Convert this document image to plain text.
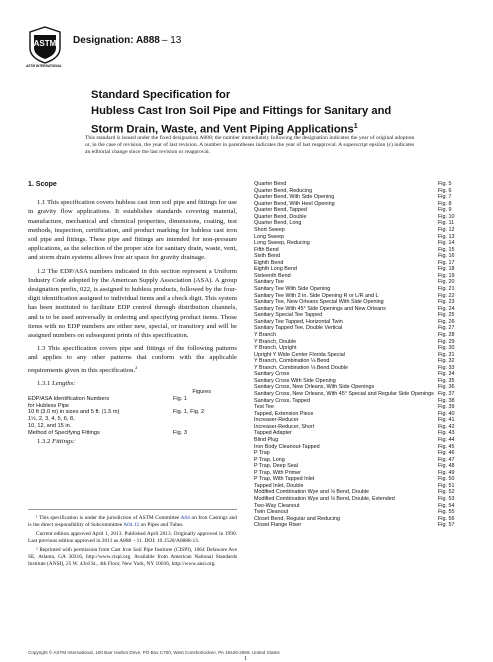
ASTM
ASTM INTERNATIONAL
Designation: A888 – 13
Standard Specification for
Hubless Cast Iron Soil Pipe and Fittings for Sanitary and
Storm Drain, Waste, and Vent Piping Applications$^1$
This standard is issued under the fixed designation A888; the number immediately following the designation indicates the year of original adoption or, in the case of revision, the year of last revision. A number in parentheses indicates the year of last reapproval. A superscript epsilon (ε) indicates an editorial change since the last revision or reapproval.
1. Scope

1.1 This specification covers hubless cast iron soil pipe and fittings for use in gravity flow applications. It establishes standards covering material, manufacture, mechanical and chemical properties, dimensions, coating, test methods, inspection, certification, and product marking for hubless cast iron soil pipe and fittings. These pipe and fittings are intended for non-pressure applications, as the selection of the proper size for sanitary drain, waste, vent, and storm drain systems allows free air space for gravity drainage.

1.2 The EDP/ASA numbers indicated in this section represent a Uniform Industry Code adopted by the American Supply Association (ASA). A group designation prefix, 022, is assigned to hubless products, followed by the four-digit identification assigned to individual items and a check digit. This system has been instituted to facilitate EDP control through distribution channels, and is to be used universally in ordering and specifying product items. Those items with no EDP numbers are either new, special, or transitory and will be assigned numbers on subsequent prints of this specification.

1.3 This specification covers pipe and fittings of the following patterns and applies to any other patterns that conform with the applicable requirements given in this specification.$^2$

1.3.1 Lengths:
Figures
EDP/ASA Identification Numbers	Fig. 1
for Hubless Pipe
10 ft (3.0 m) in sizes and 5 ft. (1.5 m)	Fig. 1, Fig. 2
1½, 2, 3, 4, 5, 6, 8,
10, 12, and 15 in.
Method of Specifying Fittings	Fig. 3
1.3.2 Fittings:

¹ This specification is under the jurisdiction of ASTM Committee A04 on Iron Castings and is the direct responsibility of Subcommittee A04.12 on Pipes and Tubes.

Current edition approved April 1, 2013. Published April 2013. Originally approved in 1990. Last previous edition approved in 2011 as A888 – 11. DOI: 10.1520/A0888-13.

² Reprinted with permission from Cast Iron Soil Pipe Institute (CISPI), 1064 Delaware Ave SE, Atlanta, GA 30316, http://www.cispi.org. Available from American National Standards Institute (ANSI), 25 W. 43rd St., 4th Floor, New York, NY 10036, http://www.ansi.org.

Quarter Bend	Fig. 5
Quarter Bend, Reducing	Fig. 6
Quarter Bend, With Side Opening	Fig. 7
Quarter Bend, With Heel Opening	Fig. 8
Quarter Bend, Tapped	Fig. 9
Quarter Bend, Double	Fig. 10
Quarter Bend, Long	Fig. 11
Short Sweep	Fig. 12
Long Sweep	Fig. 13
Long Sweep, Reducing	Fig. 14
Fifth Bend	Fig. 15
Sixth Bend	Fig. 16
Eighth Bend	Fig. 17
Eighth Long Bend	Fig. 18
Sixteenth Bend	Fig. 19
Sanitary Tee	Fig. 20
Sanitary Tee With Side Opening	Fig. 21
Sanitary Tee With 2 in. Side Opening R or L/R and L	Fig. 22
Sanitary Tee, New Orleans Special With Side Opening	Fig. 23
Sanitary Tee With 45° Side Openings and New Orleans	Fig. 24
Sanitary Special Tee Tapped	Fig. 25
Sanitary Tee Tapped, Horizontal Twin	Fig. 26
Sanitary Tapped Tee, Double Vertical	Fig. 27
Y Branch	Fig. 28
Y Branch, Double	Fig. 29
Y Branch, Upright	Fig. 30
Upright Y Wide Center Florida Special	Fig. 31
Y Branch, Combination ⅛ Bend	Fig. 32
Y Branch, Combination ⅛ Bend Double	Fig. 33
Sanitary Cross	Fig. 34
Sanitary Cross With Side Opening	Fig. 35
Sanitary Cross, New Orleans, With Side Openings	Fig. 36
Sanitary Cross, New Orleans, With 45° Special and Regular Side Openings Fig. 37
Sanitary Cross, Tapped	Fig. 38
Test Tee	Fig. 39
Tapped, Extension Piece	Fig. 40
Increaser-Reducer	Fig. 41
Increaser-Reducer, Short	Fig. 42
Tapped Adapter	Fig. 43
Blind Plug	Fig. 44
Iron Body Cleanout-Tapped	Fig. 45
P Trap	Fig. 46
P Trap, Long	Fig. 47
P Trap, Deep Seal	Fig. 48
P Trap, With Primer	Fig. 49
P Trap, With Tapped Inlet	Fig. 50
Tapped Inlet, Double	Fig. 51
Modified Combination Wye and ⅛ Bend, Double	Fig. 52
Modified Combination Wye and ⅛ Bend, Double, Extended	Fig. 53
Two-Way Cleanout	Fig. 54
Twin Cleanout	Fig. 55
Closet Bend, Regular and Reducing	Fig. 56
Closet Flange Riser	Fig. 57
Copyright © ASTM International, 100 Barr Harbor Drive, PO Box C700, West Conshohocken, PA 19428-2959. United States
1
